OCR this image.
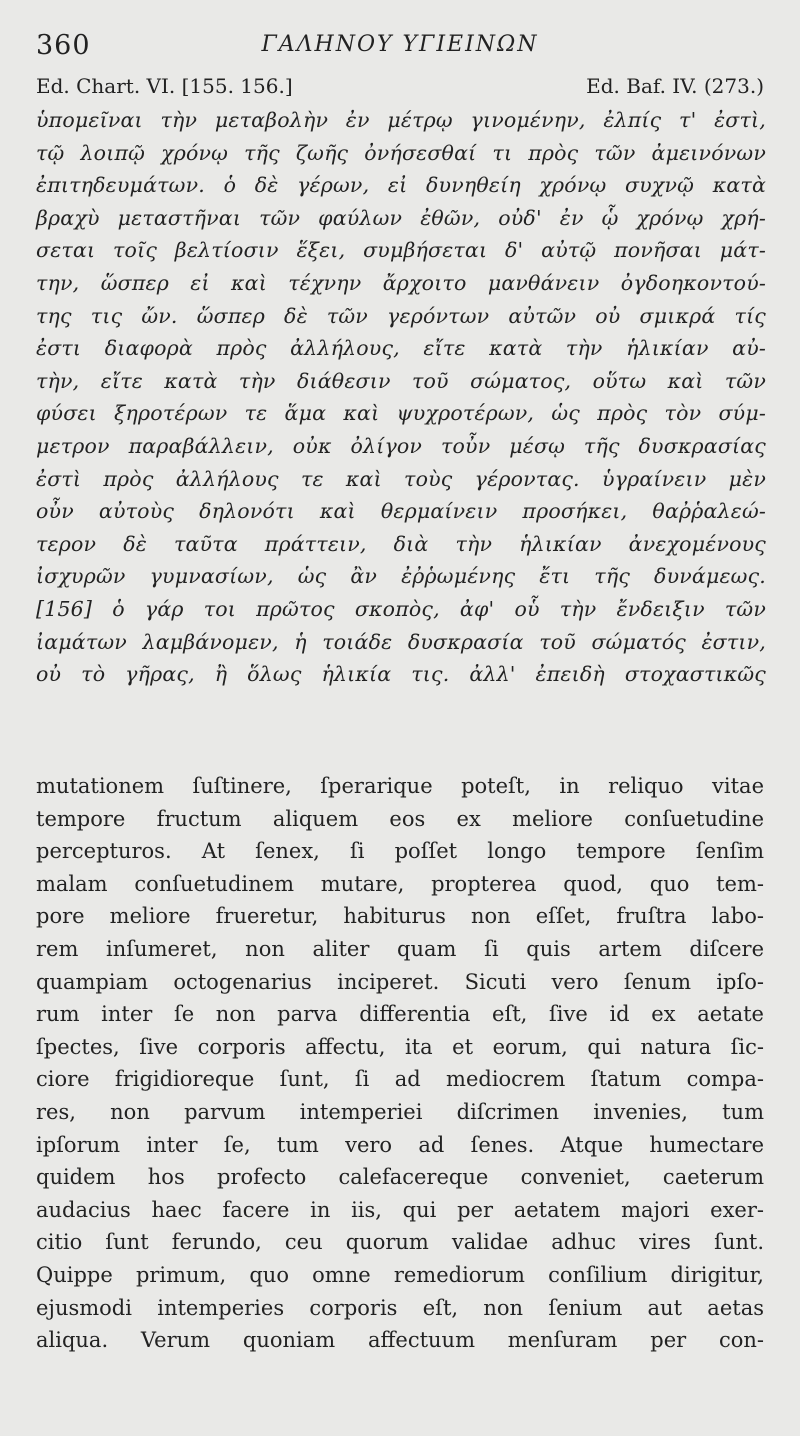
360	ΓΑΛΗΝΟΥ ΥΓΙΕΙΝΩΝ
Ed. Chart. VI. [155. 156.]	Ed. Baf. IV. (273.)
ὑπομεῖναι τὴν μεταβολὴν ἐν μέτρῳ γινομένην, ἐλπίς τ' ἐστὶ,
τῷ λοιπῷ χρόνῳ τῆς ζωῆς ὀνήσεσθαί τι πρὸς τῶν ἀμεινόνων
ἐπιτηδευμάτων. ὁ δὲ γέρων, εἰ δυνηθείη χρόνῳ συχνῷ κατὰ
βραχὺ μεταστῆναι τῶν φαύλων ἐθῶν, οὐδ' ἐν ᾧ χρόνῳ χρή-
σεται τοῖς βελτίοσιν ἕξει, συμβήσεται δ' αὐτῷ πονῆσαι μάτ-
την, ὥσπερ εἰ καὶ τέχνην ἄρχοιτο μανθάνειν ὀγδοηκοντού-
της τις ὤν. ὥσπερ δὲ τῶν γερόντων αὐτῶν οὐ σμικρά τίς
ἐστι διαφορὰ πρὸς ἀλλήλους, εἴτε κατὰ τὴν ἡλικίαν αὐ-
τὴν, εἴτε κατὰ τὴν διάθεσιν τοῦ σώματος, οὕτω καὶ τῶν
φύσει ξηροτέρων τε ἅμα καὶ ψυχροτέρων, ὡς πρὸς τὸν σύμ-
μετρον παραβάλλειν, οὐκ ὀλίγον τοὖν μέσῳ τῆς δυσκρασίας
ἐστὶ πρὸς ἀλλήλους τε καὶ τοὺς γέροντας. ὑγραίνειν μὲν
οὖν αὐτοὺς δηλονότι καὶ θερμαίνειν προσήκει, θαῤῥαλεώ-
τερον δὲ ταῦτα πράττειν, διὰ τὴν ἡλικίαν ἀνεχομένους
ἰσχυρῶν γυμνασίων, ὡς ἂν ἐῤῥωμένης ἔτι τῆς δυνάμεως.
[156] ὁ γάρ τοι πρῶτος σκοπὸς, ἀφ' οὗ τὴν ἔνδειξιν τῶν
ἰαμάτων λαμβάνομεν, ἡ τοιάδε δυσκρασία τοῦ σώματός ἐστιν,
οὐ τὸ γῆρας, ἢ ὅλως ἡλικία τις. ἀλλ' ἐπειδὴ στοχαστικῶς
mutationem ſuſtinere, ſperarique poteſt, in reliquo vitae
tempore fructum aliquem eos ex meliore conſuetudine
percepturos. At ſenex, ſi poſſet longo tempore ſenſim
malam conſuetudinem mutare, propterea quod, quo tem-
pore meliore frueretur, habiturus non eſſet, fruſtra labo-
rem inſumeret, non aliter quam ſi quis artem diſcere
quampiam octogenarius inciperet. Sicuti vero ſenum ipſo-
rum inter ſe non parva differentia eſt, ſive id ex aetate
ſpectes, ſive corporis affectu, ita et eorum, qui natura ſic-
ciore frigidioreque ſunt, ſi ad mediocrem ſtatum compa-
res, non parvum intemperiei diſcrimen invenies, tum
ipſorum inter ſe, tum vero ad ſenes. Atque humectare
quidem hos profecto calefacereque conveniet, caeterum
audacius haec facere in iis, qui per aetatem majori exer-
citio ſunt ferundo, ceu quorum validae adhuc vires ſunt.
Quippe primum, quo omne remediorum conſilium dirigitur,
ejusmodi intemperies corporis eſt, non ſenium aut aetas
aliqua. Verum quoniam affectuum menſuram per con-
